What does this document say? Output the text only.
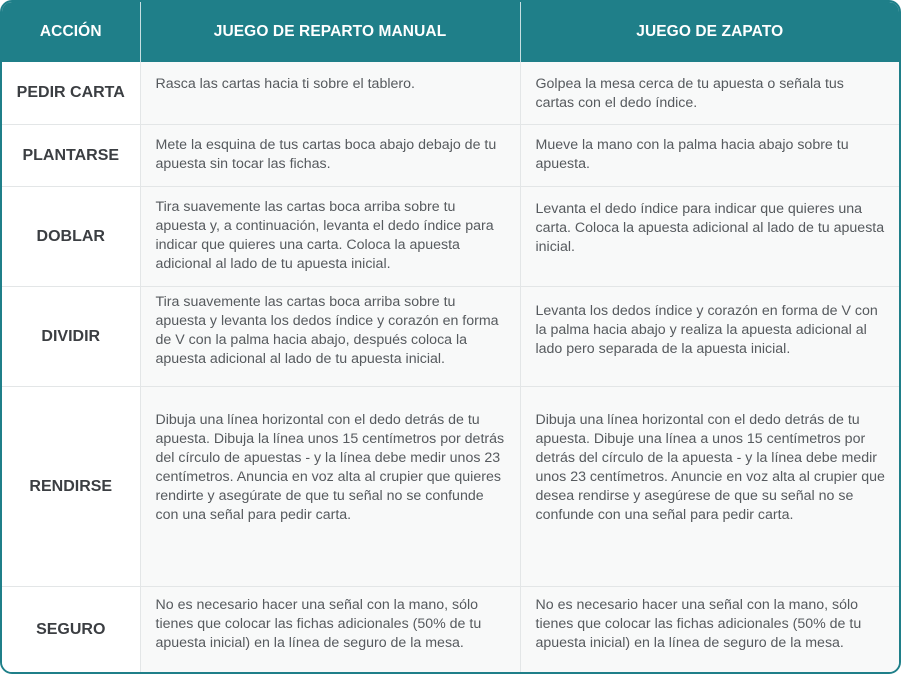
ACCIÓN	JUEGO DE REPARTO MANUAL	JUEGO DE ZAPATO
PEDIR CARTA	Rasca las cartas hacia ti sobre el tablero.	Golpea la mesa cerca de tu apuesta o señala tus cartas con el dedo índice.
PLANTARSE	Mete la esquina de tus cartas boca abajo debajo de tu apuesta sin tocar las fichas.	Mueve la mano con la palma hacia abajo sobre tu apuesta.
DOBLAR	Tira suavemente las cartas boca arriba sobre tu apuesta y, a continuación, levanta el dedo índice para indicar que quieres una carta. Coloca la apuesta adicional al lado de tu apuesta inicial.	Levanta el dedo índice para indicar que quieres una carta. Coloca la apuesta adicional al lado de tu apuesta inicial.
DIVIDIR	Tira suavemente las cartas boca arriba sobre tu apuesta y levanta los dedos índice y corazón en forma de V con la palma hacia abajo, después coloca la apuesta adicional al lado de tu apuesta inicial.	Levanta los dedos índice y corazón en forma de V con la palma hacia abajo y realiza la apuesta adicional al lado pero separada de la apuesta inicial.
RENDIRSE	Dibuja una línea horizontal con el dedo detrás de tu apuesta. Dibuja la línea unos 15 centímetros por detrás del círculo de apuestas - y la línea debe medir unos 23 centímetros. Anuncia en voz alta al crupier que quieres rendirte y asegúrate de que tu señal no se confunde con una señal para pedir carta.	Dibuja una línea horizontal con el dedo detrás de tu apuesta. Dibuje una línea a unos 15 centímetros por detrás del círculo de la apuesta - y la línea debe medir unos 23 centímetros. Anuncie en voz alta al crupier que desea rendirse y asegúrese de que su señal no se confunde con una señal para pedir carta.
SEGURO	No es necesario hacer una señal con la mano, sólo tienes que colocar las fichas adicionales (50% de tu apuesta inicial) en la línea de seguro de la mesa.	No es necesario hacer una señal con la mano, sólo tienes que colocar las fichas adicionales (50% de tu apuesta inicial) en la línea de seguro de la mesa.
